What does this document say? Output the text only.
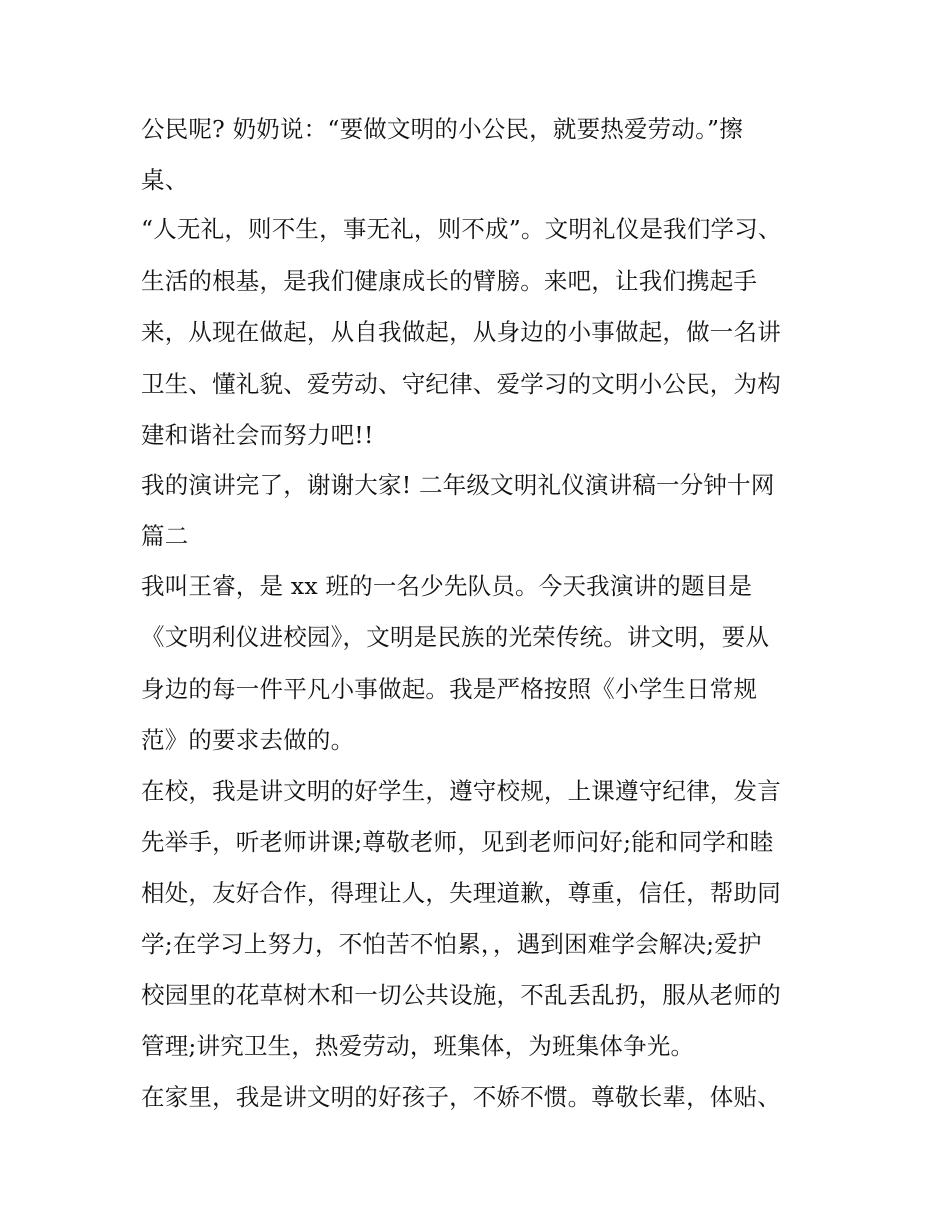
公民呢? 奶奶说：“要做文明的小公民，就要热爱劳动。”擦
桌、
“人无礼，则不生，事无礼，则不成”。文明礼仪是我们学习、
生活的根基，是我们健康成长的臂膀。来吧，让我们携起手
来，从现在做起，从自我做起，从身边的小事做起，做一名讲
卫生、懂礼貌、爱劳动、守纪律、爱学习的文明小公民，为构
建和谐社会而努力吧!!
我的演讲完了，谢谢大家! 二年级文明礼仪演讲稿一分钟十网
篇二
我叫王睿，是 xx 班的一名少先队员。今天我演讲的题目是
《文明利仪进校园》，文明是民族的光荣传统。讲文明，要从
身边的每一件平凡小事做起。我是严格按照《小学生日常规
范》的要求去做的。
在校，我是讲文明的好学生，遵守校规，上课遵守纪律，发言
先举手，听老师讲课;尊敬老师，见到老师问好;能和同学和睦
相处，友好合作，得理让人，失理道歉，尊重，信任，帮助同
学;在学习上努力，不怕苦不怕累，，遇到困难学会解决;爱护
校园里的花草树木和一切公共设施，不乱丢乱扔，服从老师的
管理;讲究卫生，热爱劳动，班集体，为班集体争光。
在家里，我是讲文明的好孩子，不娇不惯。尊敬长辈，体贴、
